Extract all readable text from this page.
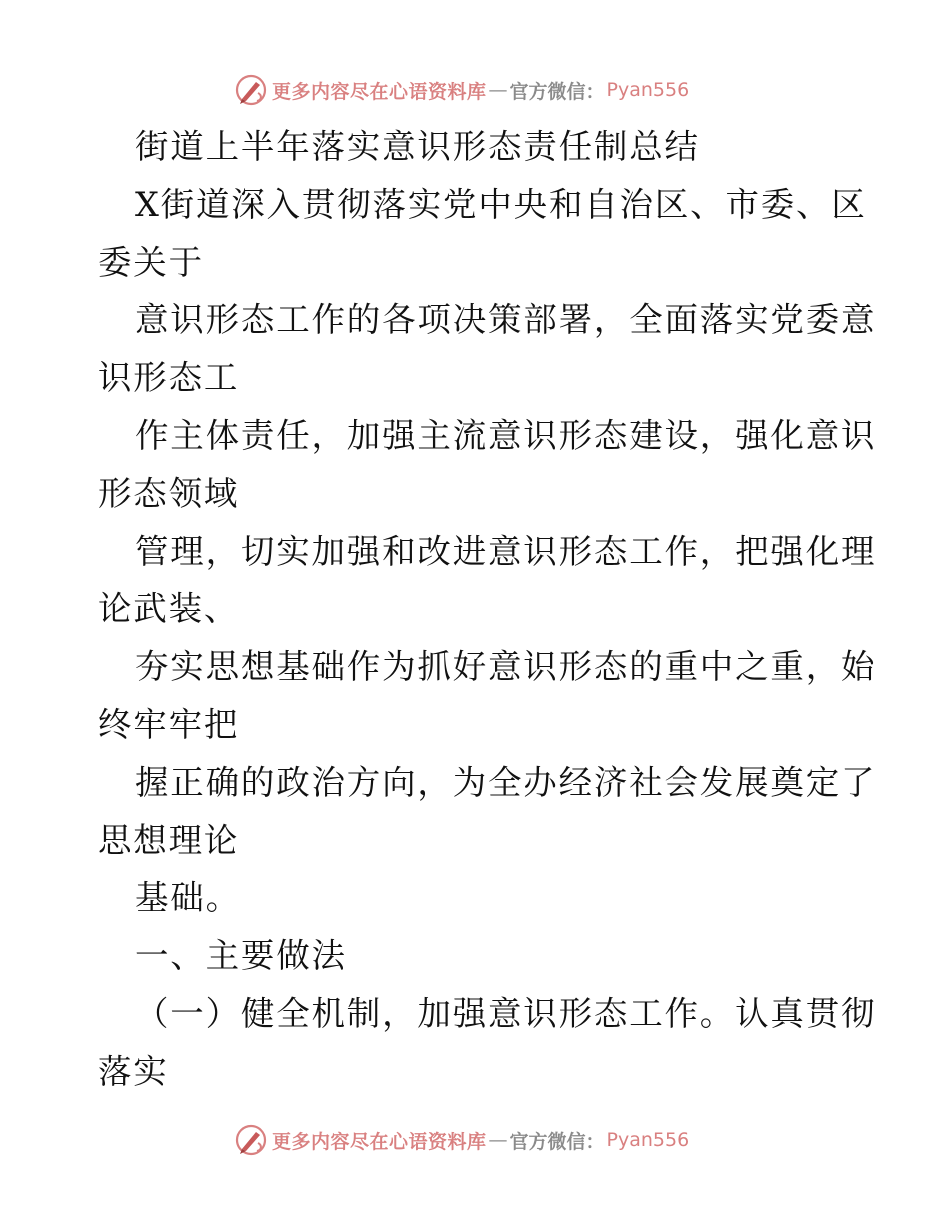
更多内容尽在心语资料库 — 官方微信： Pyan556
街道上半年落实意识形态责任制总结
X街道深入贯彻落实党中央和自治区、市委、区
委关于
意识形态工作的各项决策部署，全面落实党委意
识形态工
作主体责任，加强主流意识形态建设，强化意识
形态领域
管理，切实加强和改进意识形态工作，把强化理
论武装、
夯实思想基础作为抓好意识形态的重中之重，始
终牢牢把
握正确的政治方向，为全办经济社会发展奠定了
思想理论
基础。
一、主要做法
（一）健全机制，加强意识形态工作。认真贯彻
落实
更多内容尽在心语资料库 — 官方微信： Pyan556
